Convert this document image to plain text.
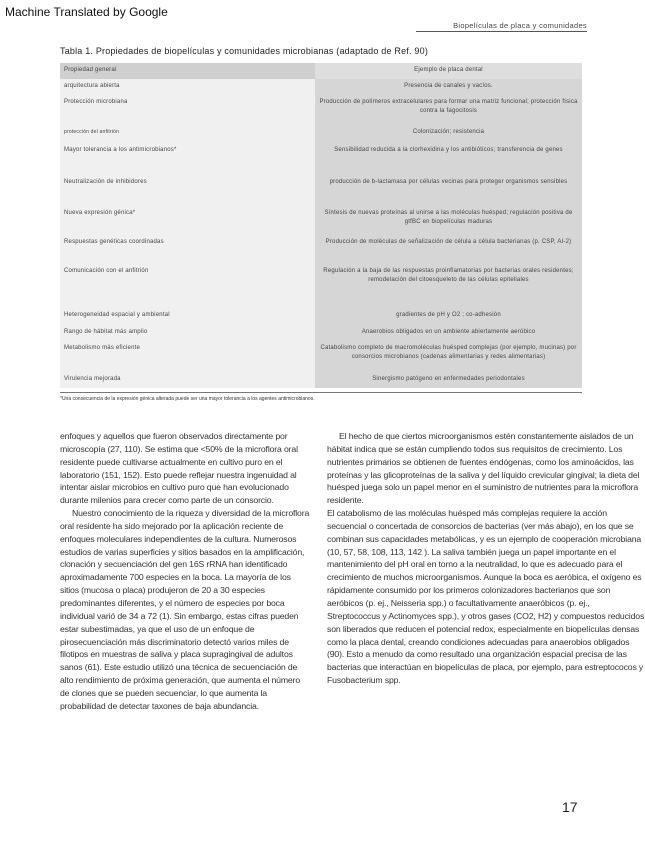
Machine Translated by Google
Biopelículas de placa y comunidades
Tabla 1. Propiedades de biopelículas y comunidades microbianas (adaptado de Ref. 90)
Propiedad general	Ejemplo de placa dental
arquitectura abierta	Presencia de canales y vacíos.
Protección microbiana	Producción de polímeros extracelulares para formar una matriz funcional; protección física contra la fagocitosis
protección del anfitrión	Colonización; resistencia
Mayor tolerancia a los antimicrobianos*	Sensibilidad reducida a la clorhexidina y los antibióticos; transferencia de genes
Neutralización de inhibidores	producción de b-lactamasa por células vecinas para proteger organismos sensibles
Nueva expresión génica*	Síntesis de nuevas proteínas al unirse a las moléculas huésped; regulación positiva de gtfBC en biopelículas maduras
Respuestas genéticas coordinadas	Producción de moléculas de señalización de célula a célula bacterianas (p. CSP, AI-2)
Comunicación con el anfitrión	Regulación a la baja de las respuestas proinflamatorias por bacterias orales residentes; remodelación del citoesqueleto de las células epiteliales
Heterogeneidad espacial y ambiental	gradientes de pH y O2 ; co-adhesión
Rango de hábitat más amplio	Anaerobios obligados en un ambiente abiertamente aeróbico
Metabolismo más eficiente	Catabolismo completo de macromoléculas huésped complejas (por ejemplo, mucinas) por consorcios microbianos (cadenas alimentarias y redes alimentarias)
Virulencia mejorada	Sinergismo patógeno en enfermedades periodontales
*Una consecuencia de la expresión génica alterada puede ser una mayor tolerancia a los agentes antimicrobianos.

enfoques y aquellos que fueron observados directamente por microscopía (27, 110). Se estima que <50% de la microflora oral residente puede cultivarse actualmente en cultivo puro en el laboratorio (151, 152). Esto puede reflejar nuestra ingenuidad al intentar aislar microbios en cultivo puro que han evolucionado durante milenios para crecer como parte de un consorcio.

Nuestro conocimiento de la riqueza y diversidad de la microflora oral residente ha sido mejorado por la aplicación reciente de enfoques moleculares independientes de la cultura. Numerosos estudios de varias superficies y sitios basados en la amplificación, clonación y secuenciación del gen 16S rRNA han identificado aproximadamente 700 especies en la boca. La mayoría de los sitios (mucosa o placa) produjeron de 20 a 30 especies predominantes diferentes, y el número de especies por boca individual varió de 34 a 72 (1). Sin embargo, estas cifras pueden estar subestimadas, ya que el uso de un enfoque de pirosecuenciación más discriminatorio detectó varios miles de filotipos en muestras de saliva y placa supragingival de adultos sanos (61). Este estudio utilizó una técnica de secuenciación de alto rendimiento de próxima generación, que aumenta el número de clones que se pueden secuenciar, lo que aumenta la probabilidad de detectar taxones de baja abundancia.

El hecho de que ciertos microorganismos estén constantemente aislados de un hábitat indica que se están cumpliendo todos sus requisitos de crecimiento. Los nutrientes primarios se obtienen de fuentes endógenas, como los aminoácidos, las proteínas y las glicoproteínas de la saliva y del líquido crevicular gingival; la dieta del huésped juega solo un papel menor en el suministro de nutrientes para la microflora residente.

El catabolismo de las moléculas huésped más complejas requiere la acción secuencial o concertada de consorcios de bacterias (ver más abajo), en los que se combinan sus capacidades metabólicas, y es un ejemplo de cooperación microbiana (10, 57, 58, 108, 113, 142 ). La saliva también juega un papel importante en el mantenimiento del pH oral en torno a la neutralidad, lo que es adecuado para el crecimiento de muchos microorganismos. Aunque la boca es aeróbica, el oxígeno es rápidamente consumido por los primeros colonizadores bacterianos que son aeróbicos (p. ej., Neisseria spp.) o facultativamente anaeróbicos (p. ej., Streptococcus y Actinomyces spp.), y otros gases (CO2, H2) y compuestos reducidos son liberados que reducen el potencial redox, especialmente en biopelículas densas como la placa dental, creando condiciones adecuadas para anaerobios obligados (90). Esto a menudo da como resultado una organización espacial precisa de las bacterias que interactúan en biopelículas de placa, por ejemplo, para estreptococos y Fusobacterium spp.

17
